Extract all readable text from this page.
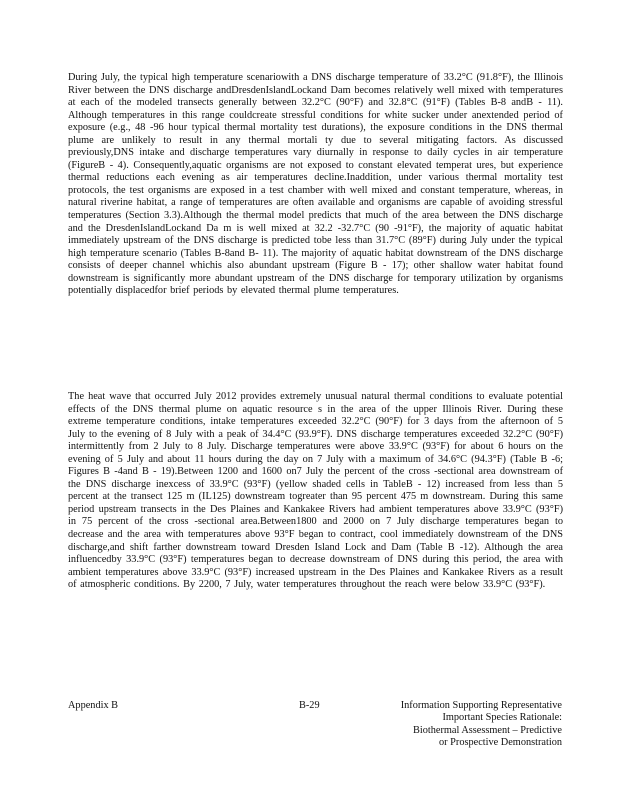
During July, the typical high temperature scenariowith a DNS discharge temperature of 33.2°C (91.8°F), the Illinois River between the DNS discharge andDresdenIslandLockand Dam becomes relatively well mixed with temperatures at each of the modeled transects generally between 32.2°C (90°F) and 32.8°C (91°F) (Tables B-8 andB - 11). Although temperatures in this range couldcreate stressful conditions for white sucker under anextended period of exposure (e.g., 48 -96 hour typical thermal mortality test durations), the exposure conditions in the DNS thermal plume are unlikely to result in any thermal mortali ty due to several mitigating factors. As discussed previously,DNS intake and discharge temperatures vary diurnally in response to daily cycles in air temperature (FigureB - 4). Consequently,aquatic organisms are not exposed to constant elevated temperat ures, but experience thermal reductions each evening as air temperatures decline.Inaddition, under various thermal mortality test protocols, the test organisms are exposed in a test chamber with well mixed and constant temperature, whereas, in natural riverine habitat, a range of temperatures are often available and organisms are capable of avoiding stressful temperatures (Section 3.3).Although the thermal model predicts that much of the area between the DNS discharge and the DresdenIslandLockand Da m is well mixed at 32.2 -32.7°C (90 -91°F), the majority of aquatic habitat immediately upstream of the DNS discharge is predicted tobe less than 31.7°C (89°F) during July under the typical high temperature scenario (Tables B-8and B- 11). The majority of aquatic habitat downstream of the DNS discharge consists of deeper channel whichis also abundant upstream (Figure B - 17); other shallow water habitat found downstream is significantly more abundant upstream of the DNS discharge for temporary utilization by organisms potentially displacedfor brief periods by elevated thermal plume temperatures.

The heat wave that occurred July 2012 provides extremely unusual natural thermal conditions to evaluate potential effects of the DNS thermal plume on aquatic resource s in the area of the upper Illinois River. During these extreme temperature conditions, intake temperatures exceeded 32.2°C (90°F) for 3 days from the afternoon of 5 July to the evening of 8 July with a peak of 34.4°C (93.9°F). DNS discharge temperatures exceeded 32.2°C (90°F) intermittently from 2 July to 8 July. Discharge temperatures were above 33.9°C (93°F) for about 6 hours on the evening of 5 July and about 11 hours during the day on 7 July with a maximum of 34.6°C (94.3°F) (Table B -6; Figures B -4and B - 19).Between 1200 and 1600 on7 July the percent of the cross -sectional area downstream of the DNS discharge inexcess of 33.9°C (93°F) (yellow shaded cells in TableB - 12) increased from less than 5 percent at the transect 125 m (IL125) downstream togreater than 95 percent 475 m downstream. During this same period upstream transects in the Des Plaines and Kankakee Rivers had ambient temperatures above 33.9°C (93°F) in 75 percent of the cross -sectional area.Between1800 and 2000 on 7 July discharge temperatures began to decrease and the area with temperatures above 93°F began to contract, cool immediately downstream of the DNS discharge,and shift farther downstream toward Dresden Island Lock and Dam (Table B -12). Although the area influencedby 33.9°C (93°F) temperatures began to decrease downstream of DNS during this period, the area with ambient temperatures above 33.9°C (93°F) increased upstream in the Des Plaines and Kankakee Rivers as a result of atmospheric conditions. By 2200, 7 July, water temperatures throughout the reach were below 33.9°C (93°F).

Appendix B	B-29	Information Supporting Representative
Important Species Rationale:
Biothermal Assessment – Predictive
or Prospective Demonstration
